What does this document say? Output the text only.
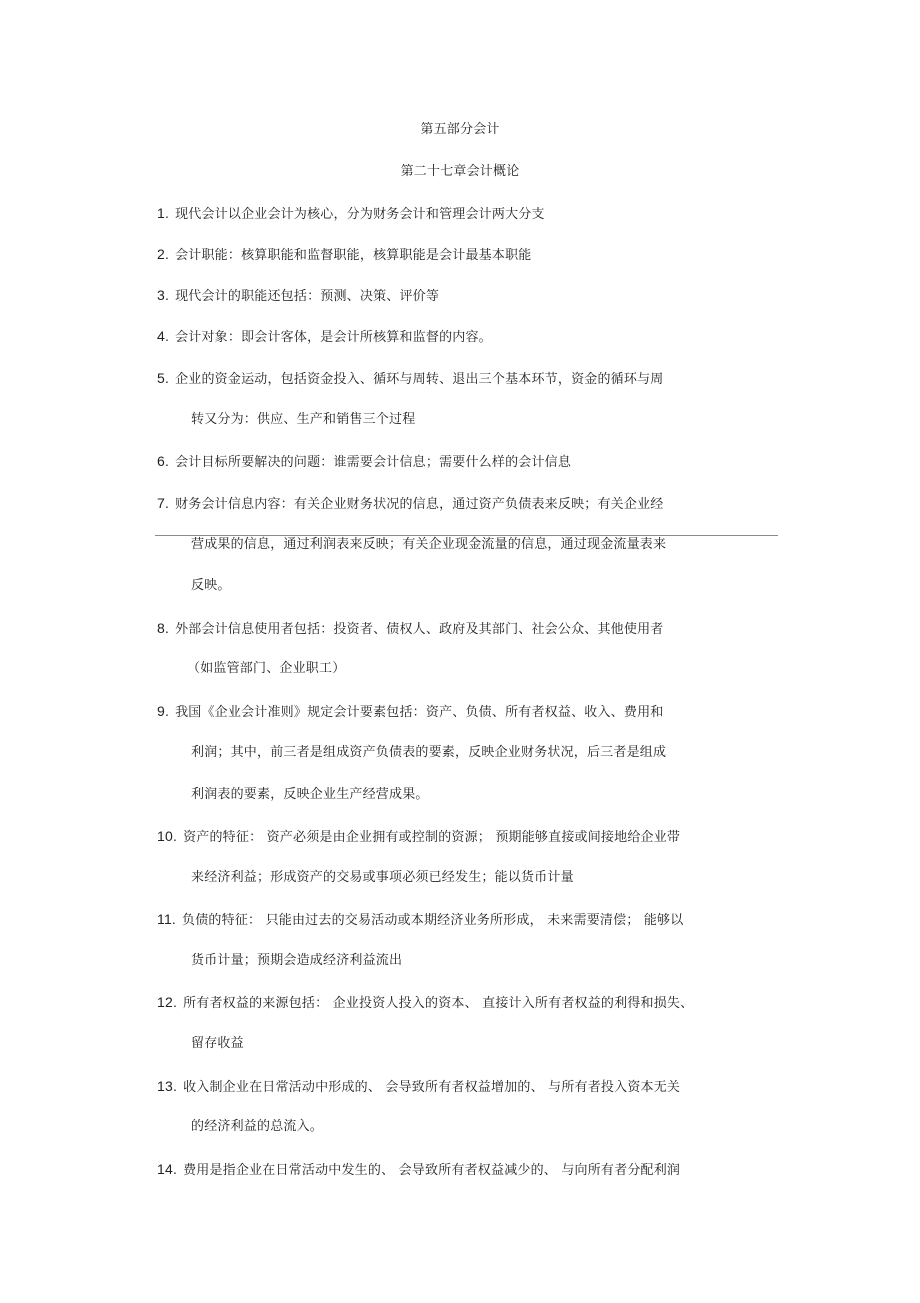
第五部分会计
第二十七章会计概论
1. 现代会计以企业会计为核心，分为财务会计和管理会计两大分支
2. 会计职能：核算职能和监督职能，核算职能是会计最基本职能
3. 现代会计的职能还包括：预测、决策、评价等
4. 会计对象：即会计客体，是会计所核算和监督的内容。
5. 企业的资金运动，包括资金投入、循环与周转、退出三个基本环节，资金的循环与周
转又分为：供应、生产和销售三个过程
6. 会计目标所要解决的问题：谁需要会计信息；需要什么样的会计信息
7. 财务会计信息内容：有关企业财务状况的信息，通过资产负债表来反映；有关企业经
营成果的信息，通过利润表来反映；有关企业现金流量的信息，通过现金流量表来
反映。
8. 外部会计信息使用者包括：投资者、债权人、政府及其部门、社会公众、其他使用者
（如监管部门、企业职工）
9. 我国《企业会计准则》规定会计要素包括：资产、负债、所有者权益、收入、费用和
利润；其中，前三者是组成资产负债表的要素，反映企业财务状况，后三者是组成
利润表的要素，反映企业生产经营成果。
10. 资产的特征： 资产必须是由企业拥有或控制的资源； 预期能够直接或间接地给企业带
来经济利益；形成资产的交易或事项必须已经发生；能以货币计量
11. 负债的特征： 只能由过去的交易活动或本期经济业务所形成， 未来需要清偿； 能够以
货币计量；预期会造成经济利益流出
12. 所有者权益的来源包括： 企业投资人投入的资本、 直接计入所有者权益的利得和损失、
留存收益
13. 收入制企业在日常活动中形成的、 会导致所有者权益增加的、 与所有者投入资本无关
的经济利益的总流入。
14. 费用是指企业在日常活动中发生的、 会导致所有者权益减少的、 与向所有者分配利润
